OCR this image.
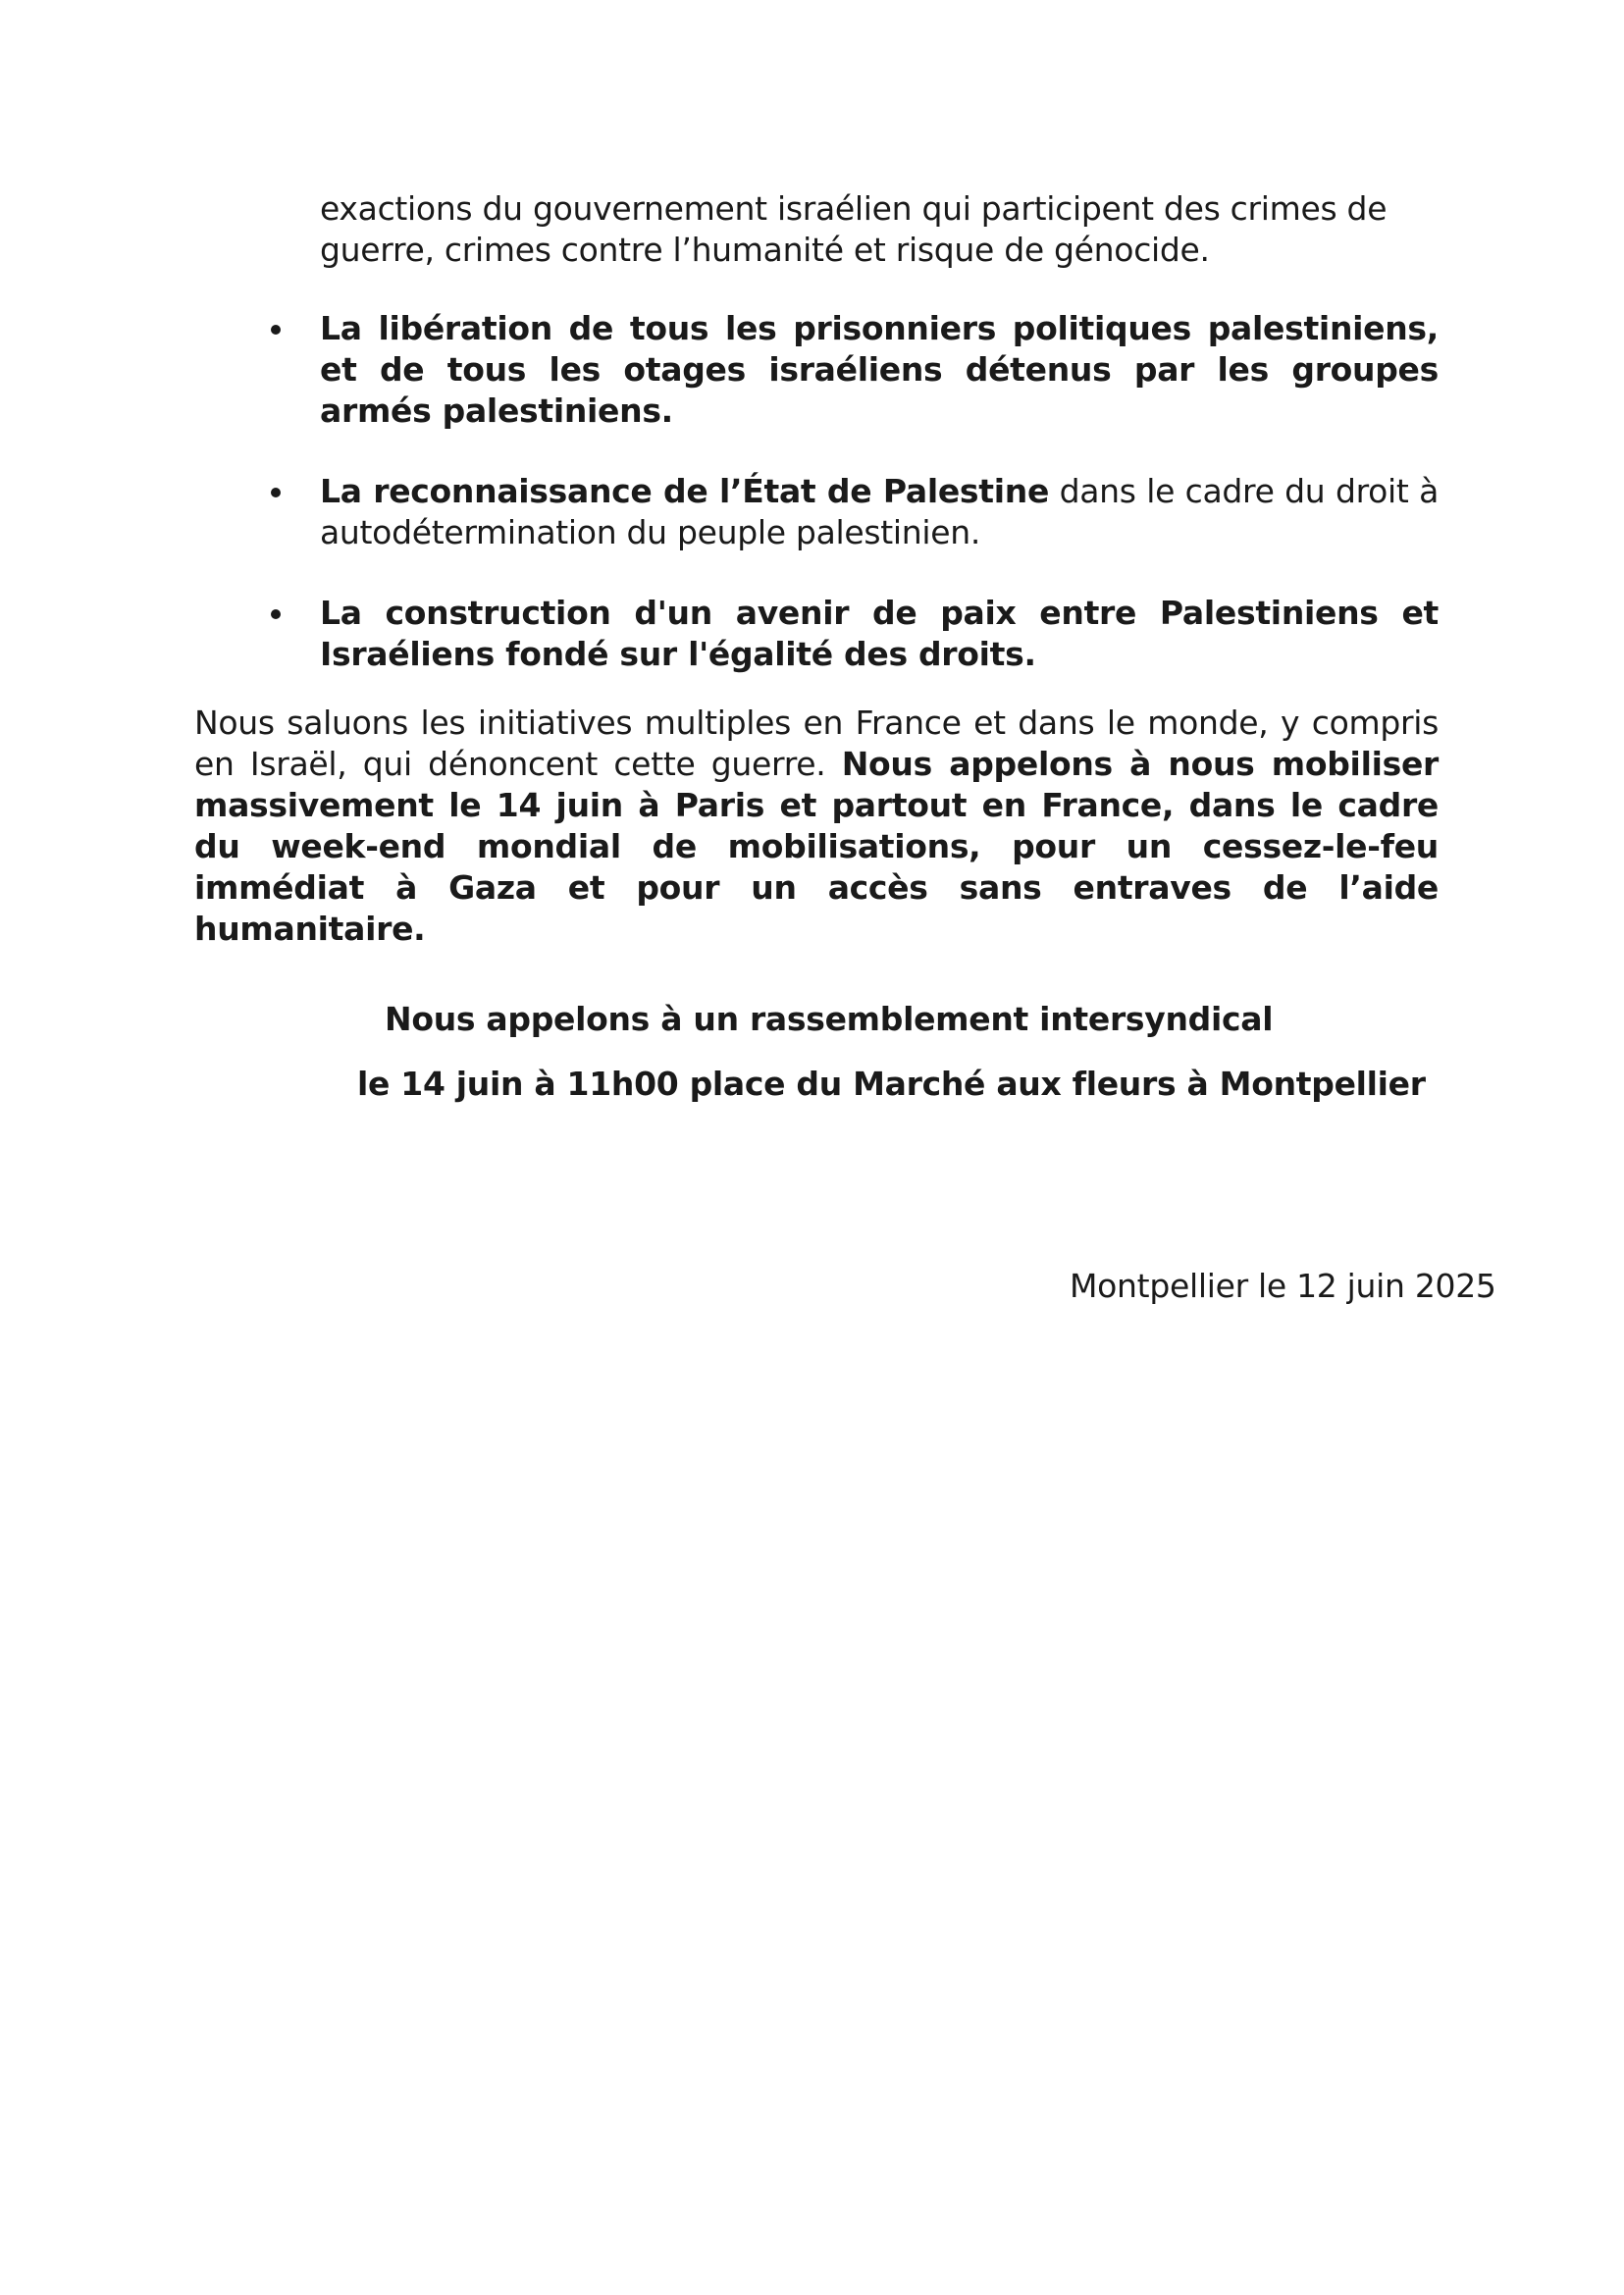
exactions du gouvernement israélien qui participent des crimes de guerre, crimes contre l’humanité et risque de génocide.

La libération de tous les prisonniers politiques palestiniens, et de tous les otages israéliens détenus par les groupes armés palestiniens.
La reconnaissance de l’État de Palestine dans le cadre du droit à autodétermination du peuple palestinien.
La construction d'un avenir de paix entre Palestiniens et Israéliens fondé sur l'égalité des droits.

Nous saluons les initiatives multiples en France et dans le monde, y compris en Israël, qui dénoncent cette guerre. Nous appelons à nous mobiliser massivement le 14 juin à Paris et partout en France, dans le cadre du week-end mondial de mobilisations, pour un cessez-le-feu immédiat à Gaza et pour un accès sans entraves de l’aide humanitaire.

Nous appelons à un rassemblement intersyndical

le 14 juin à 11h00 place du Marché aux fleurs à Montpellier

Montpellier le 12 juin 2025
